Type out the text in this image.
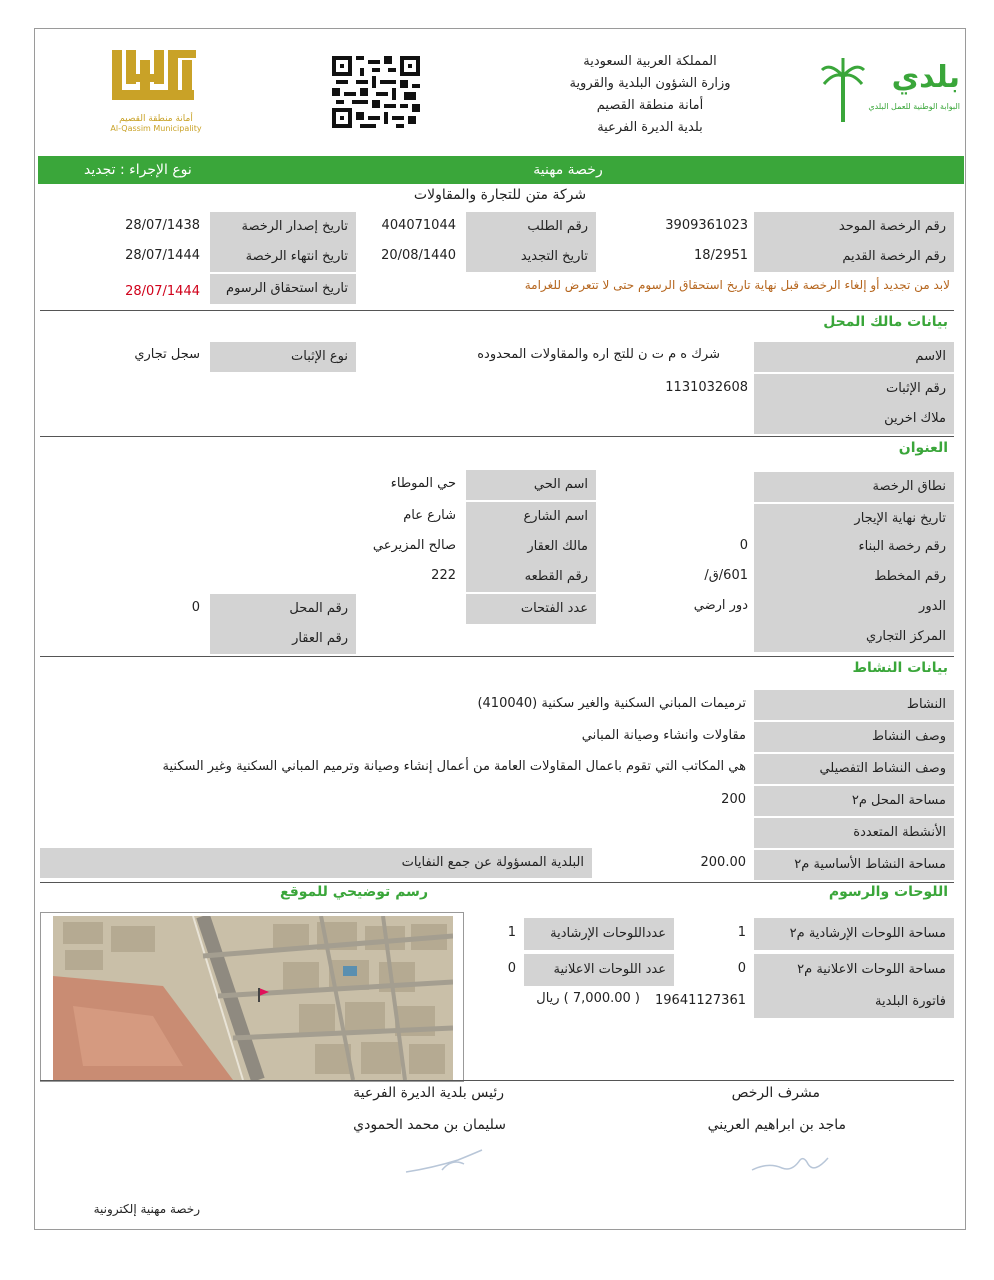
أمانة منطقة القصيم
Al-Qassim Municipality
المملكة العربية السعودية
وزارة الشؤون البلدية والقروية
أمانة منطقة القصيم
بلدية الديرة الفرعية
بلدي
البوابة الوطنية للعمل البلدي
نوع الإجراء : تجديد	رخصة مهنية
شركة متن للتجارة والمقاولات
رقم الرخصة الموحد
3909361023
رقم الطلب
404071044
تاريخ إصدار الرخصة
28/07/1438
رقم الرخصة القديم
18/2951
تاريخ التجديد
20/08/1440
تاريخ انتهاء الرخصة
28/07/1444
لابد من تجديد أو إلغاء الرخصة قبل نهاية تاريخ استحقاق الرسوم حتى لا تتعرض للغرامة
تاريخ استحقاق الرسوم
28/07/1444
بيانات مالك المحل
الاسم
شرك ه م ت ن للتج اره والمقاولات المحدوده
نوع الإثبات
سجل تجاري
رقم الإثبات
1131032608
ملاك اخرين
العنوان
نطاق الرخصة
اسم الحي
حي الموطاء
تاريخ نهاية الإيجار
اسم الشارع
شارع عام
رقم رخصة البناء
0
مالك العقار
صالح المزيرعي
رقم المخطط
601/ق/
رقم القطعه
222
الدور
دور ارضي
عدد الفتحات
رقم المحل
0
المركز التجاري
رقم العقار
بيانات النشاط
النشاط
ترميمات المباني السكنية والغير سكنية (410040)
وصف النشاط
مقاولات وانشاء وصيانة المباني
وصف النشاط التفصيلي
هي المكاتب التي تقوم باعمال المقاولات العامة من أعمال إنشاء وصيانة وترميم المباني السكنية وغير السكنية
مساحة المحل م٢
200
الأنشطة المتعددة
مساحة النشاط الأساسية م٢
200.00
البلدية المسؤولة عن جمع النفايات
اللوحات والرسوم
رسم توضيحي للموقع
مساحة اللوحات الإرشادية م٢
1
عدداللوحات الإرشادية
1
مساحة اللوحات الاعلانية م٢
0
عدد اللوحات الاعلانية
0
فاتورة البلدية
19641127361
( 7,000.00 ) ريال
مشرف الرخص
ماجد بن ابراهيم العريني
رئيس بلدية الديرة الفرعية
سليمان بن محمد الحمودي
رخصة مهنية إلكترونية
